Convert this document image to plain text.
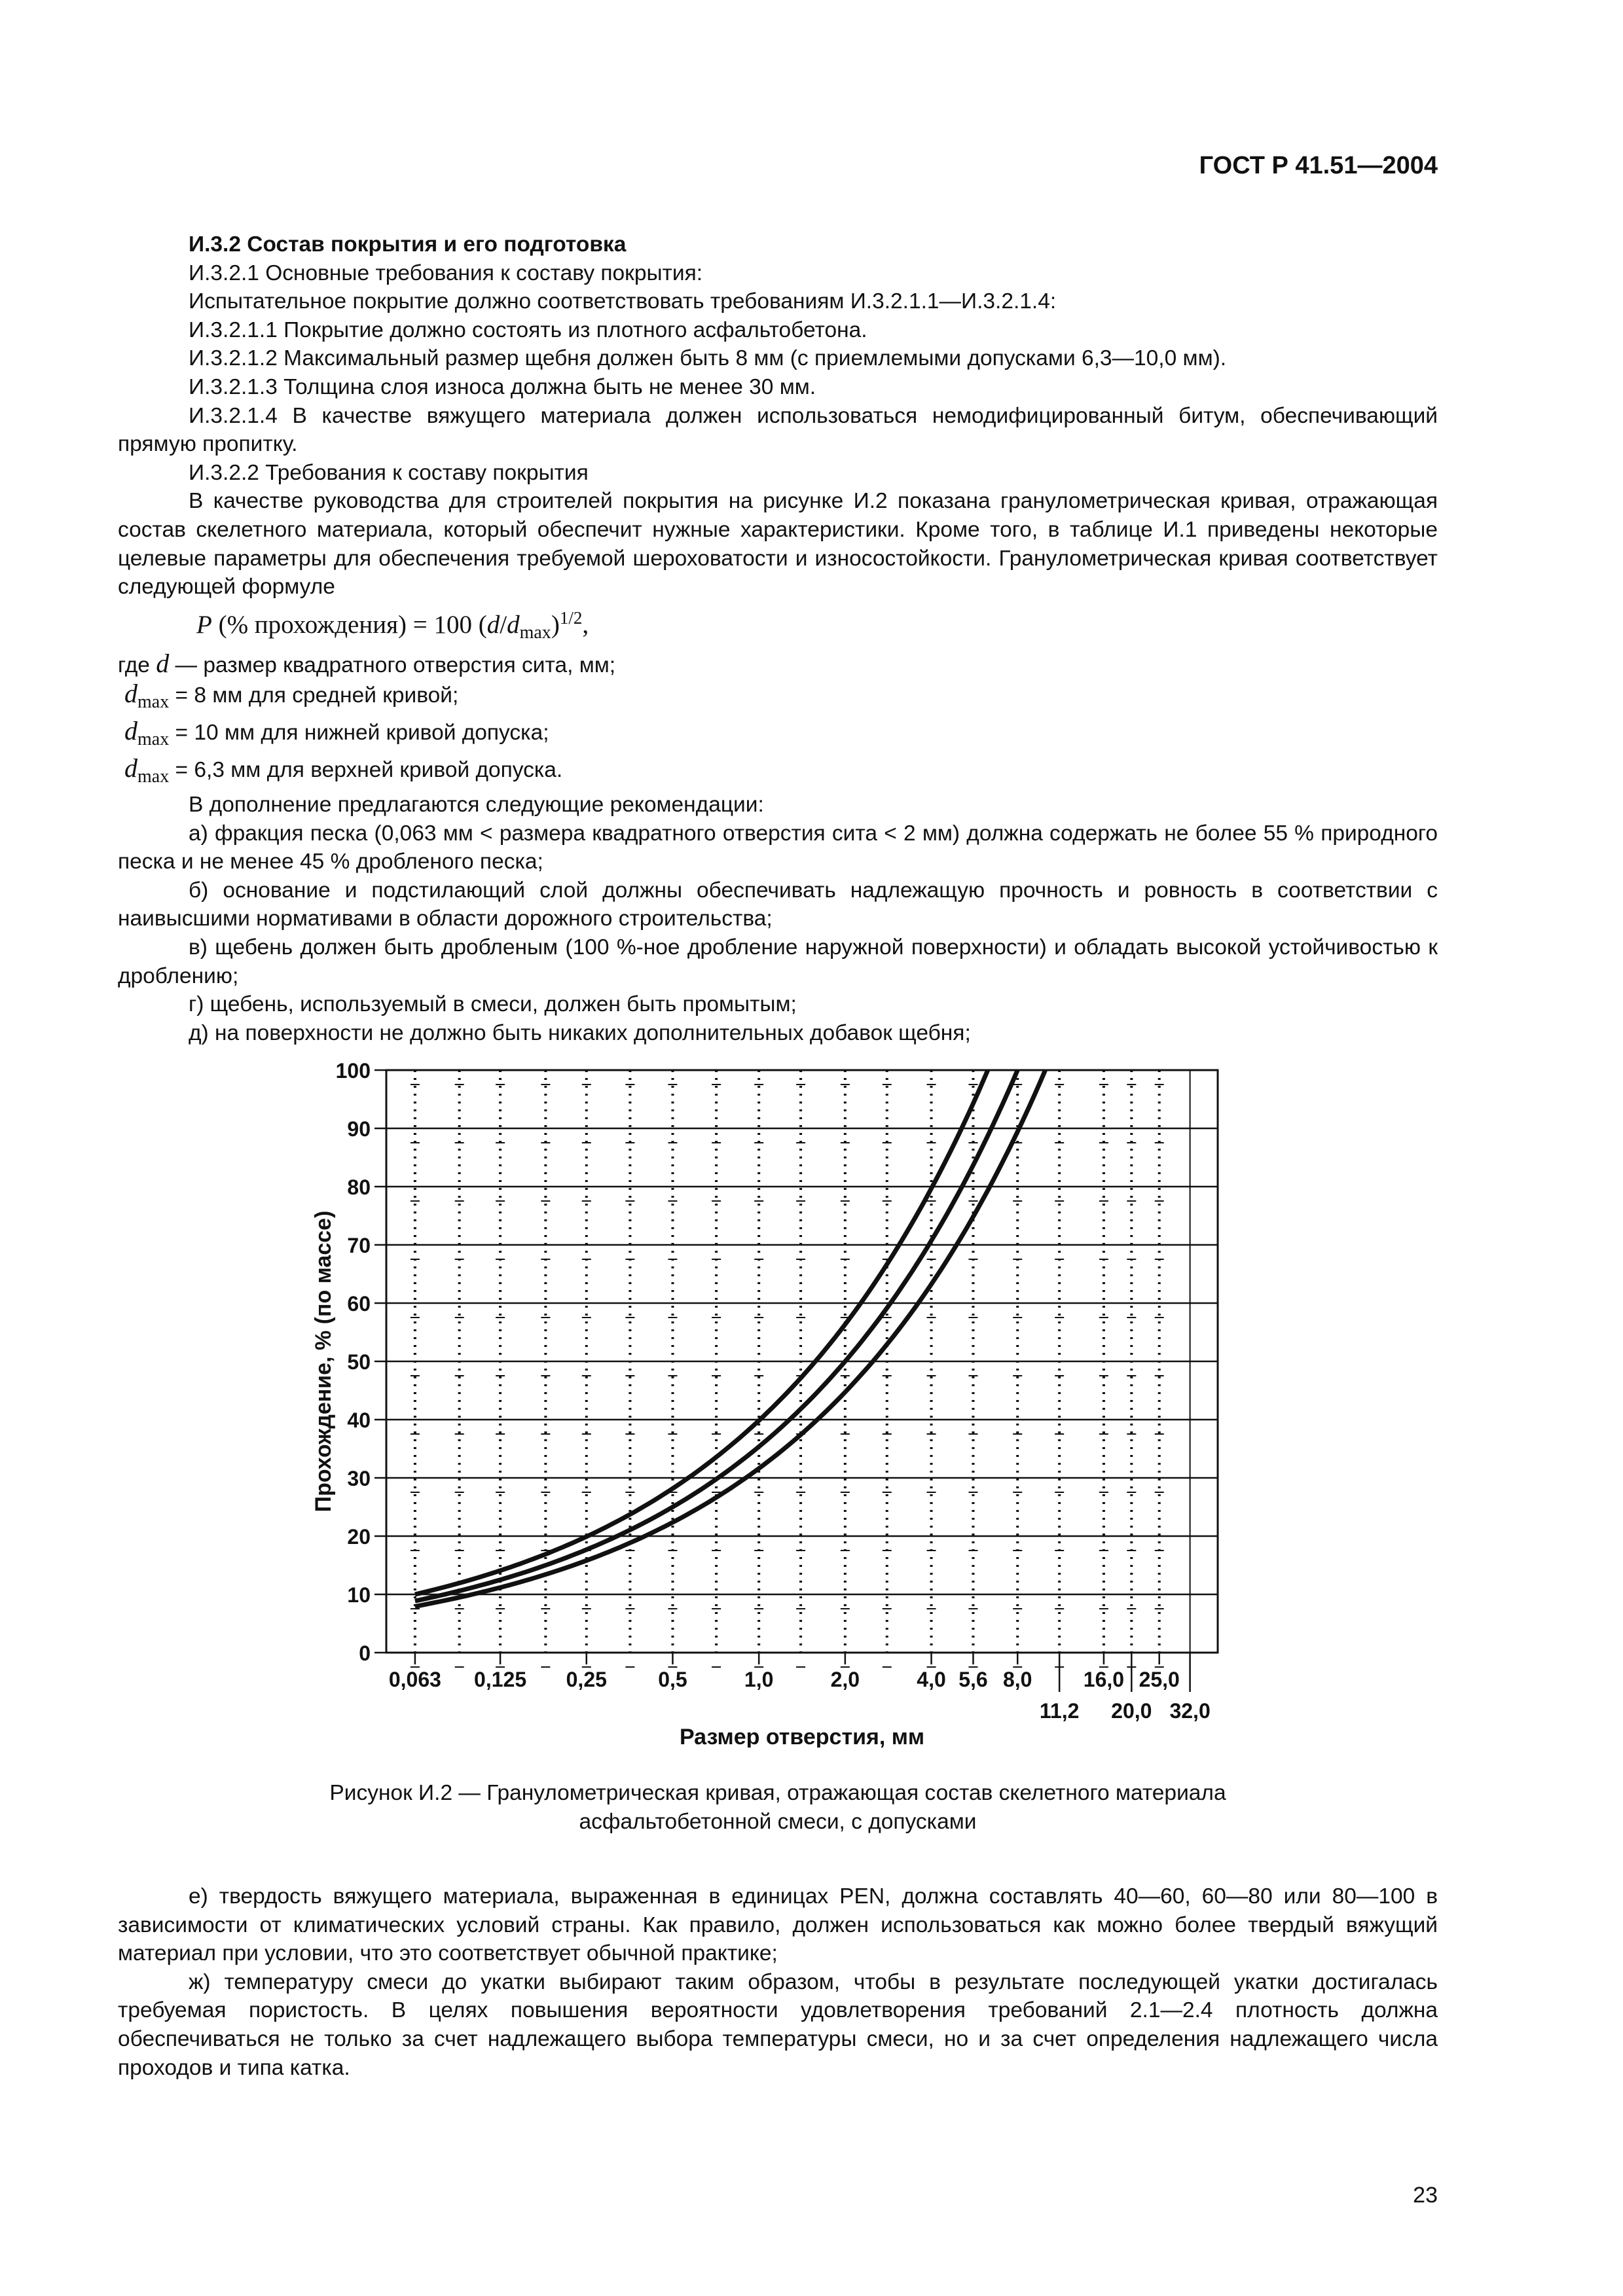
ГОСТ Р 41.51—2004

И.3.2 Состав покрытия и его подготовка

И.3.2.1 Основные требования к составу покрытия:

Испытательное покрытие должно соответствовать требованиям И.3.2.1.1—И.3.2.1.4:

И.3.2.1.1 Покрытие должно состоять из плотного асфальтобетона.

И.3.2.1.2 Максимальный размер щебня должен быть 8 мм (с приемлемыми допусками 6,3—10,0 мм).

И.3.2.1.3 Толщина слоя износа должна быть не менее 30 мм.

И.3.2.1.4 В качестве вяжущего материала должен использоваться немодифицированный битум, обеспечивающий прямую пропитку.

И.3.2.2 Требования к составу покрытия

В качестве руководства для строителей покрытия на рисунке И.2 показана гранулометрическая кривая, отражающая состав скелетного материала, который обеспечит нужные характеристики. Кроме того, в таблице И.1 приведены некоторые целевые параметры для обеспечения требуемой шероховатости и износостойкости. Гранулометрическая кривая соответствует следующей формуле

P (% прохождения) = 100 $(d/d_{max})^{1/2}$,

где d — размер квадратного отверстия сита, мм;

$d_{max} = 8$ мм для средней кривой;

$d_{max} = 10$ мм для нижней кривой допуска;

$d_{max} = 6,3$ мм для верхней кривой допуска.

В дополнение предлагаются следующие рекомендации:

а) фракция песка (0,063 мм < размера квадратного отверстия сита < 2 мм) должна содержать не более 55 % природного песка и не менее 45 % дробленого песка;

б) основание и подстилающий слой должны обеспечивать надлежащую прочность и ровность в соответствии с наивысшими нормативами в области дорожного строительства;

в) щебень должен быть дробленым (100 %-ное дробление наружной поверхности) и обладать высокой устойчивостью к дроблению;

г) щебень, используемый в смеси, должен быть промытым;

д) на поверхности не должно быть никаких дополнительных добавок щебня;

0
10
20
30
40
50
60
70
80
90
100
0,063 0,125 0,25 0,5	1,0	2,0	4,0 5,6 8,0 16,0 25,0
11,2 20,0 32,0
Размер отверстия, мм
Прохождение, % (по массе)
Рисунок И.2 — Гранулометрическая кривая, отражающая состав скелетного материала
асфальтобетонной смеси, с допусками

е) твердость вяжущего материала, выраженная в единицах PEN, должна составлять 40—60, 60—80 или 80—100 в зависимости от климатических условий страны. Как правило, должен использоваться как можно более твердый вяжущий материал при условии, что это соответствует обычной практике;

ж) температуру смеси до укатки выбирают таким образом, чтобы в результате последующей укатки достигалась требуемая пористость. В целях повышения вероятности удовлетворения требований 2.1—2.4 плотность должна обеспечиваться не только за счет надлежащего выбора температуры смеси, но и за счет определения надлежащего числа проходов и типа катка.

23
